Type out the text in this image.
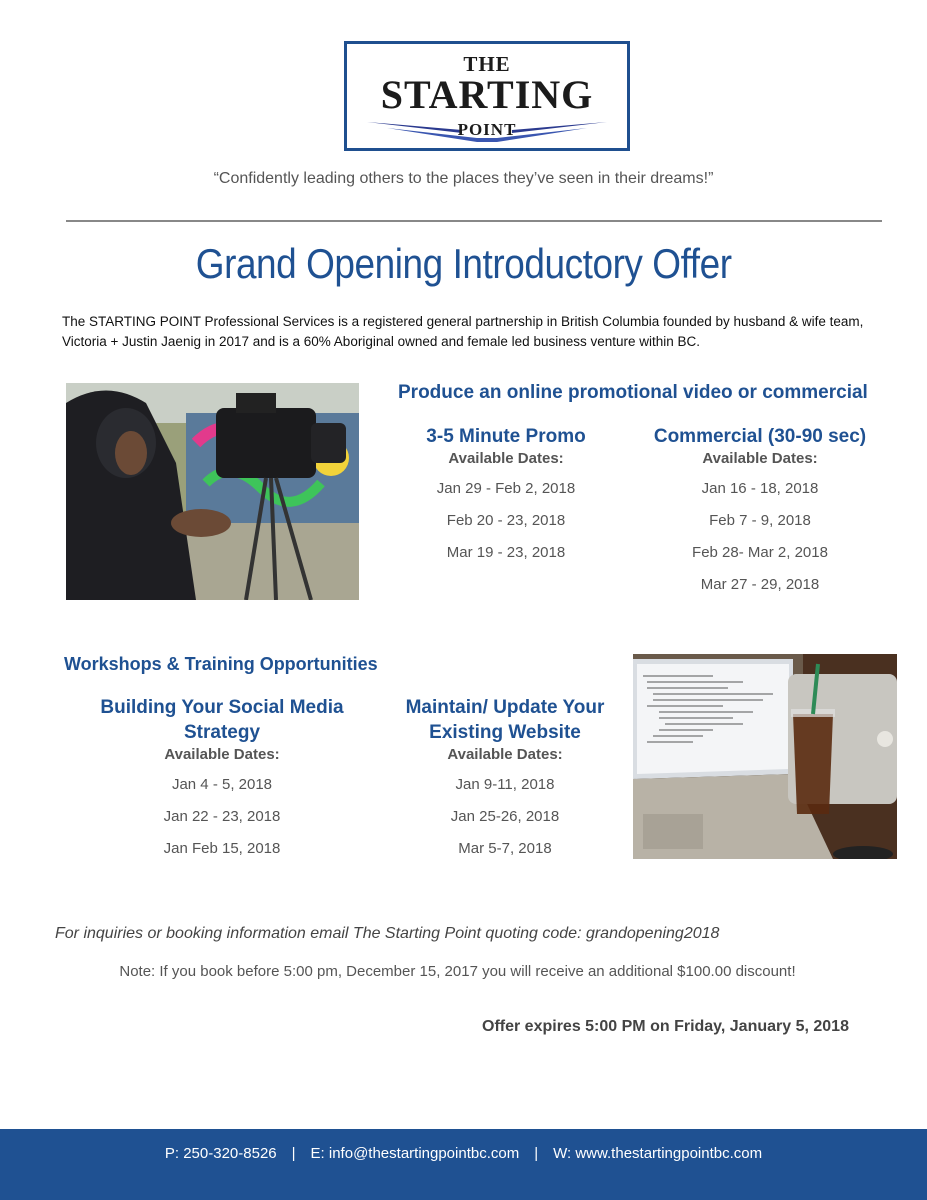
THE
STARTING
POINT
“Confidently leading others to the places they’ve seen in their dreams!”
Grand Opening Introductory Offer
The STARTING POINT Professional Services is a registered general partnership in British Columbia founded by husband & wife team, Victoria + Justin Jaenig in 2017 and is a 60% Aboriginal owned and female led business venture within BC.
Produce an online promotional video or commercial
3-5 Minute Promo
Available Dates:
Jan 29 - Feb 2, 2018
Feb 20 - 23, 2018
Mar 19 - 23, 2018
Commercial (30-90 sec)
Available Dates:
Jan 16 - 18, 2018
Feb 7 - 9, 2018
Feb 28- Mar 2, 2018
Mar 27 - 29, 2018
Workshops & Training Opportunities
Building Your Social Media
Strategy
Available Dates:
Jan 4 - 5, 2018
Jan 22 - 23, 2018
Jan Feb 15, 2018
Maintain/ Update Your
Existing Website
Available Dates:
Jan 9-11, 2018
Jan 25-26, 2018
Mar 5-7, 2018
For inquiries or booking information email The Starting Point quoting code: grandopening2018
Note: If you book before 5:00 pm, December 15, 2017 you will receive an additional $100.00 discount!
Offer expires 5:00 PM on Friday, January 5, 2018
P: 250-320-8526 | E: info@thestartingpointbc.com | W: www.thestartingpointbc.com
